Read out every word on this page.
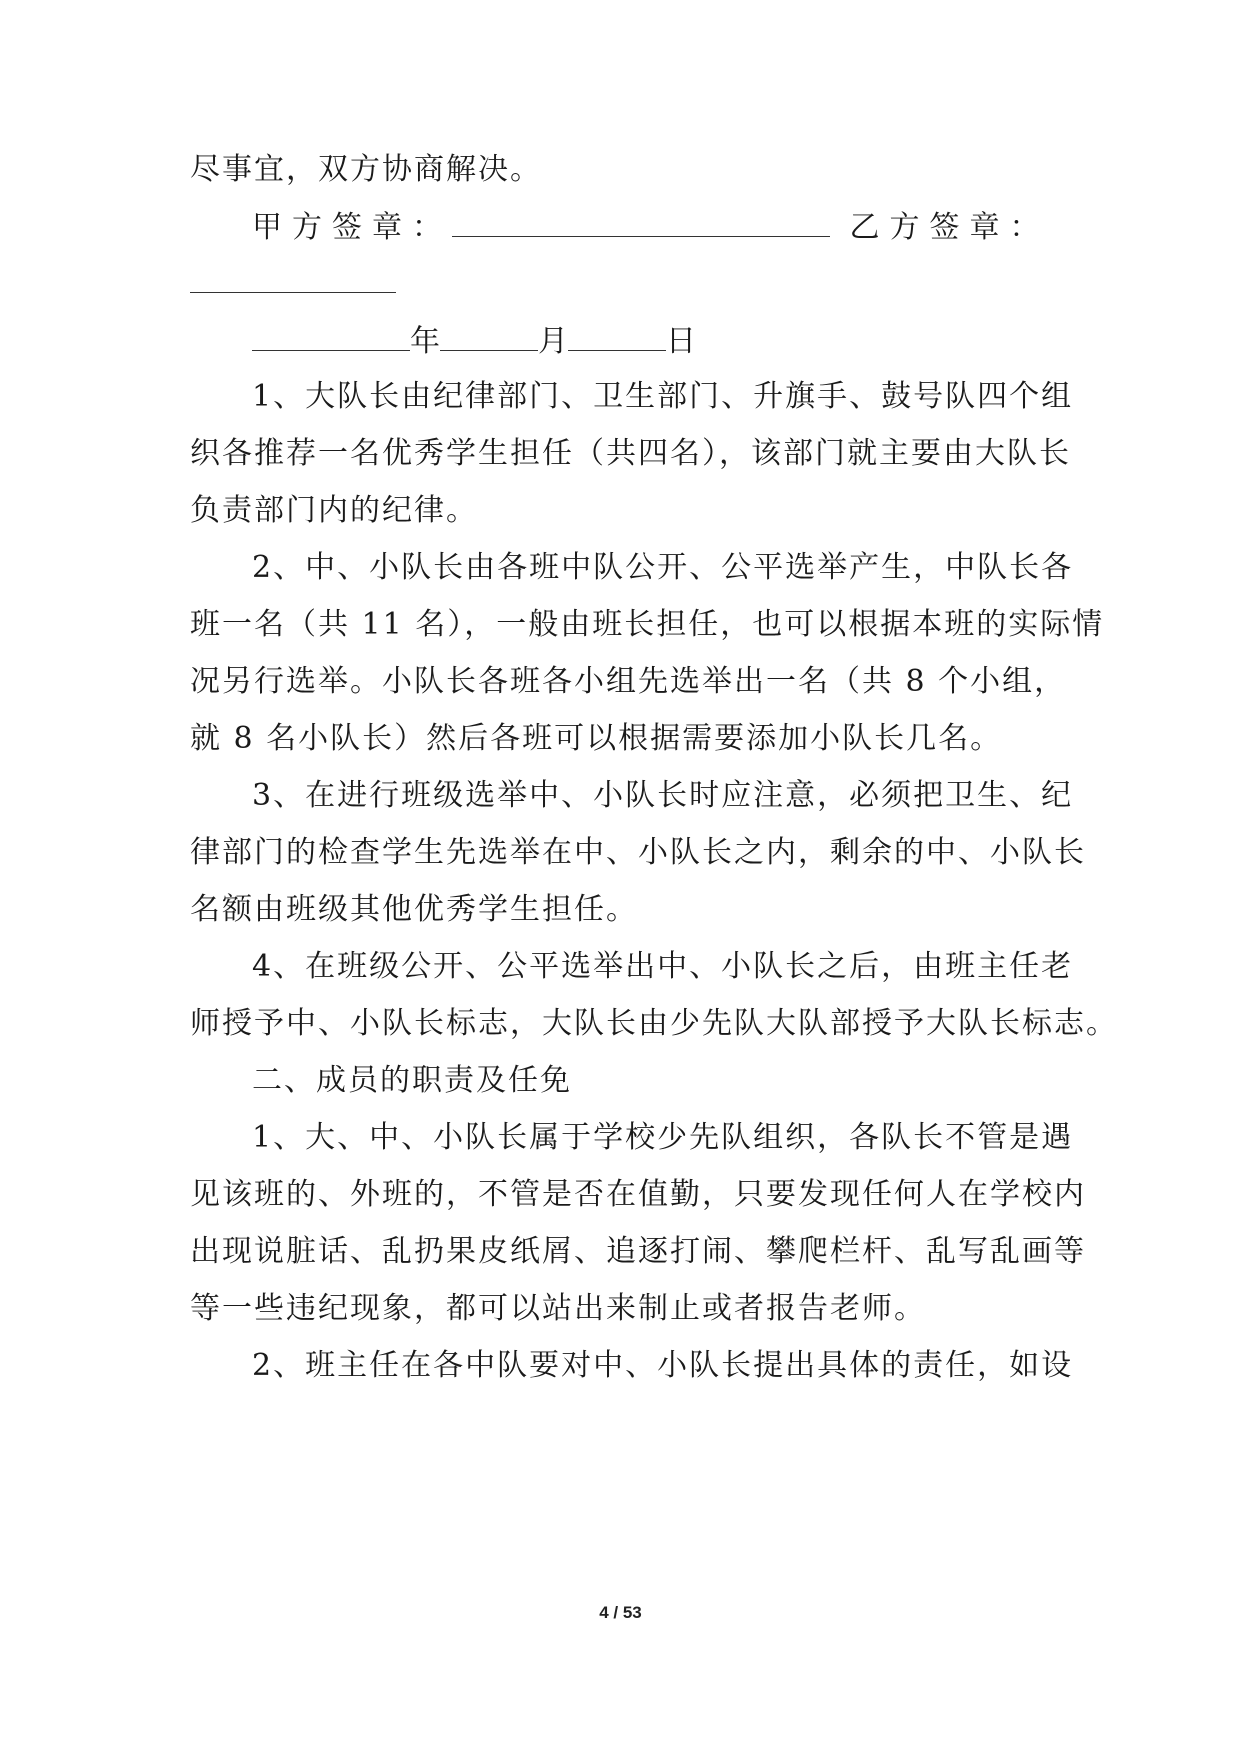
尽事宜，双方协商解决。
甲方签章：	乙方签章：
年	月	日
1、大队长由纪律部门、卫生部门、升旗手、鼓号队四个组
织各推荐一名优秀学生担任（共四名），该部门就主要由大队长
负责部门内的纪律。
2、中、小队长由各班中队公开、公平选举产生，中队长各
班一名（共 11 名），一般由班长担任，也可以根据本班的实际情
况另行选举。小队长各班各小组先选举出一名（共 8 个小组，
就 8 名小队长）然后各班可以根据需要添加小队长几名。
3、在进行班级选举中、小队长时应注意，必须把卫生、纪
律部门的检查学生先选举在中、小队长之内，剩余的中、小队长
名额由班级其他优秀学生担任。
4、在班级公开、公平选举出中、小队长之后，由班主任老
师授予中、小队长标志，大队长由少先队大队部授予大队长标志。
二、成员的职责及任免
1、大、中、小队长属于学校少先队组织，各队长不管是遇
见该班的、外班的，不管是否在值勤，只要发现任何人在学校内
出现说脏话、乱扔果皮纸屑、追逐打闹、攀爬栏杆、乱写乱画等
等一些违纪现象，都可以站出来制止或者报告老师。
2、班主任在各中队要对中、小队长提出具体的责任，如设
4 / 53
